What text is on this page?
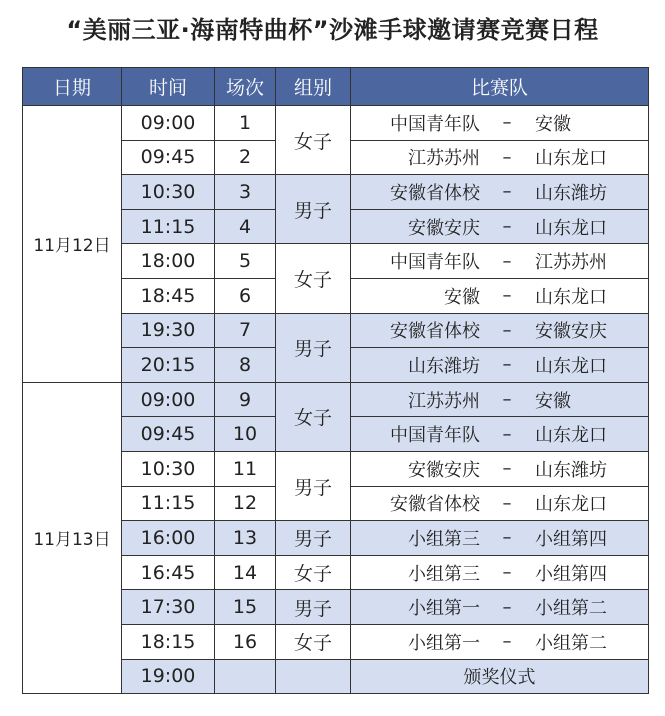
“美丽三亚·海南特曲杯”沙滩手球邀请赛竞赛日程
日期	时间	场次	组别	比赛队
11月12日	09:00	1	女子	中国青年队 – 安徽

	09:45	2		江苏苏州 – 山东龙口

	10:30	3	男子	安徽省体校 – 山东潍坊

	11:15	4		安徽安庆 – 山东龙口

	18:00	5	女子	中国青年队 – 江苏苏州

	18:45	6		安徽 – 山东龙口

	19:30	7	男子	安徽省体校 – 安徽安庆

	20:15	8		山东潍坊 – 山东龙口

11月13日	09:00	9	女子	江苏苏州 – 安徽

	09:45	10		中国青年队 – 山东龙口

	10:30	11	男子	安徽安庆 – 山东潍坊

	11:15	12		安徽省体校 – 山东龙口

	16:00	13	男子	小组第三 – 小组第四

	16:45	14	女子	小组第三 – 小组第四

	17:30	15	男子	小组第一 – 小组第二

	18:15	16	女子	小组第一 – 小组第二

	19:00			颁奖仪式
